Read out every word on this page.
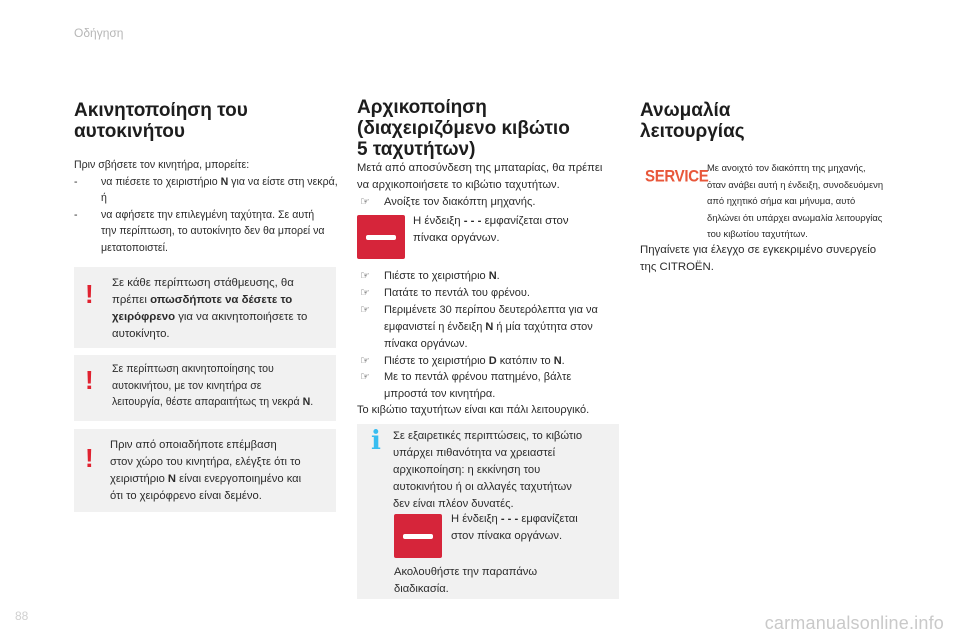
Οδήγηση
Ακινητοποίηση του
αυτοκινήτου

Πριν σβήσετε τον κινητήρα, μπορείτε:

- να πιέσετε το χειριστήριο N για να είστε στη νεκρά,
ή
- να αφήσετε την επιλεγμένη ταχύτητα. Σε αυτή
την περίπτωση, το αυτοκίνητο δεν θα μπορεί να
μετατοποιστεί.
! Σε κάθε περίπτωση στάθμευσης, θα
πρέπει οπωσδήποτε να δέσετε το
χειρόφρενο για να ακινητοποιήσετε το
αυτοκίνητο.
! Σε περίπτωση ακινητοποίησης του
αυτοκινήτου, με τον κινητήρα σε
λειτουργία, θέστε απαραιτήτως τη νεκρά N.
! Πριν από οποιαδήποτε επέμβαση
στον χώρο του κινητήρα, ελέγξτε ότι το
χειριστήριο N είναι ενεργοποιημένο και
ότι το χειρόφρενο είναι δεμένο.
Αρχικοποίηση
(διαχειριζόμενο κιβώτιο
5 ταχυτήτων)
Μετά από αποσύνδεση της μπαταρίας, θα πρέπει
να αρχικοποιήσετε το κιβώτιο ταχυτήτων.
☞ Ανοίξτε τον διακόπτη μηχανής.
Η ένδειξη - - - εμφανίζεται στον
πίνακα οργάνων.
☞ Πιέστε το χειριστήριο N.
☞ Πατάτε το πεντάλ του φρένου.
☞ Περιμένετε 30 περίπου δευτερόλεπτα για να
εμφανιστεί η ένδειξη N ή μία ταχύτητα στον
πίνακα οργάνων.
☞ Πιέστε το χειριστήριο D κατόπιν το N.
☞ Με το πεντάλ φρένου πατημένο, βάλτε
μπροστά τον κινητήρα.
Το κιβώτιο ταχυτήτων είναι και πάλι λειτουργικό.
i Σε εξαιρετικές περιπτώσεις, το κιβώτιο
υπάρχει πιθανότητα να χρειαστεί
αρχικοποίηση: η εκκίνηση του
αυτοκινήτου ή οι αλλαγές ταχυτήτων
δεν είναι πλέον δυνατές.
Η ένδειξη - - - εμφανίζεται
στον πίνακα οργάνων.
Ακολουθήστε την παραπάνω
διαδικασία.
Ανωμαλία
λειτουργίας
SERVICE
Με ανοιχτό τον διακόπτη της μηχανής,
όταν ανάβει αυτή η ένδειξη, συνοδευόμενη
από ηχητικό σήμα και μήνυμα, αυτό
δηλώνει ότι υπάρχει ανωμαλία λειτουργίας
του κιβωτίου ταχυτήτων.
Πηγαίνετε για έλεγχο σε εγκεκριμένο συνεργείο
της CITROËN.
88	carmanualsonline.info
